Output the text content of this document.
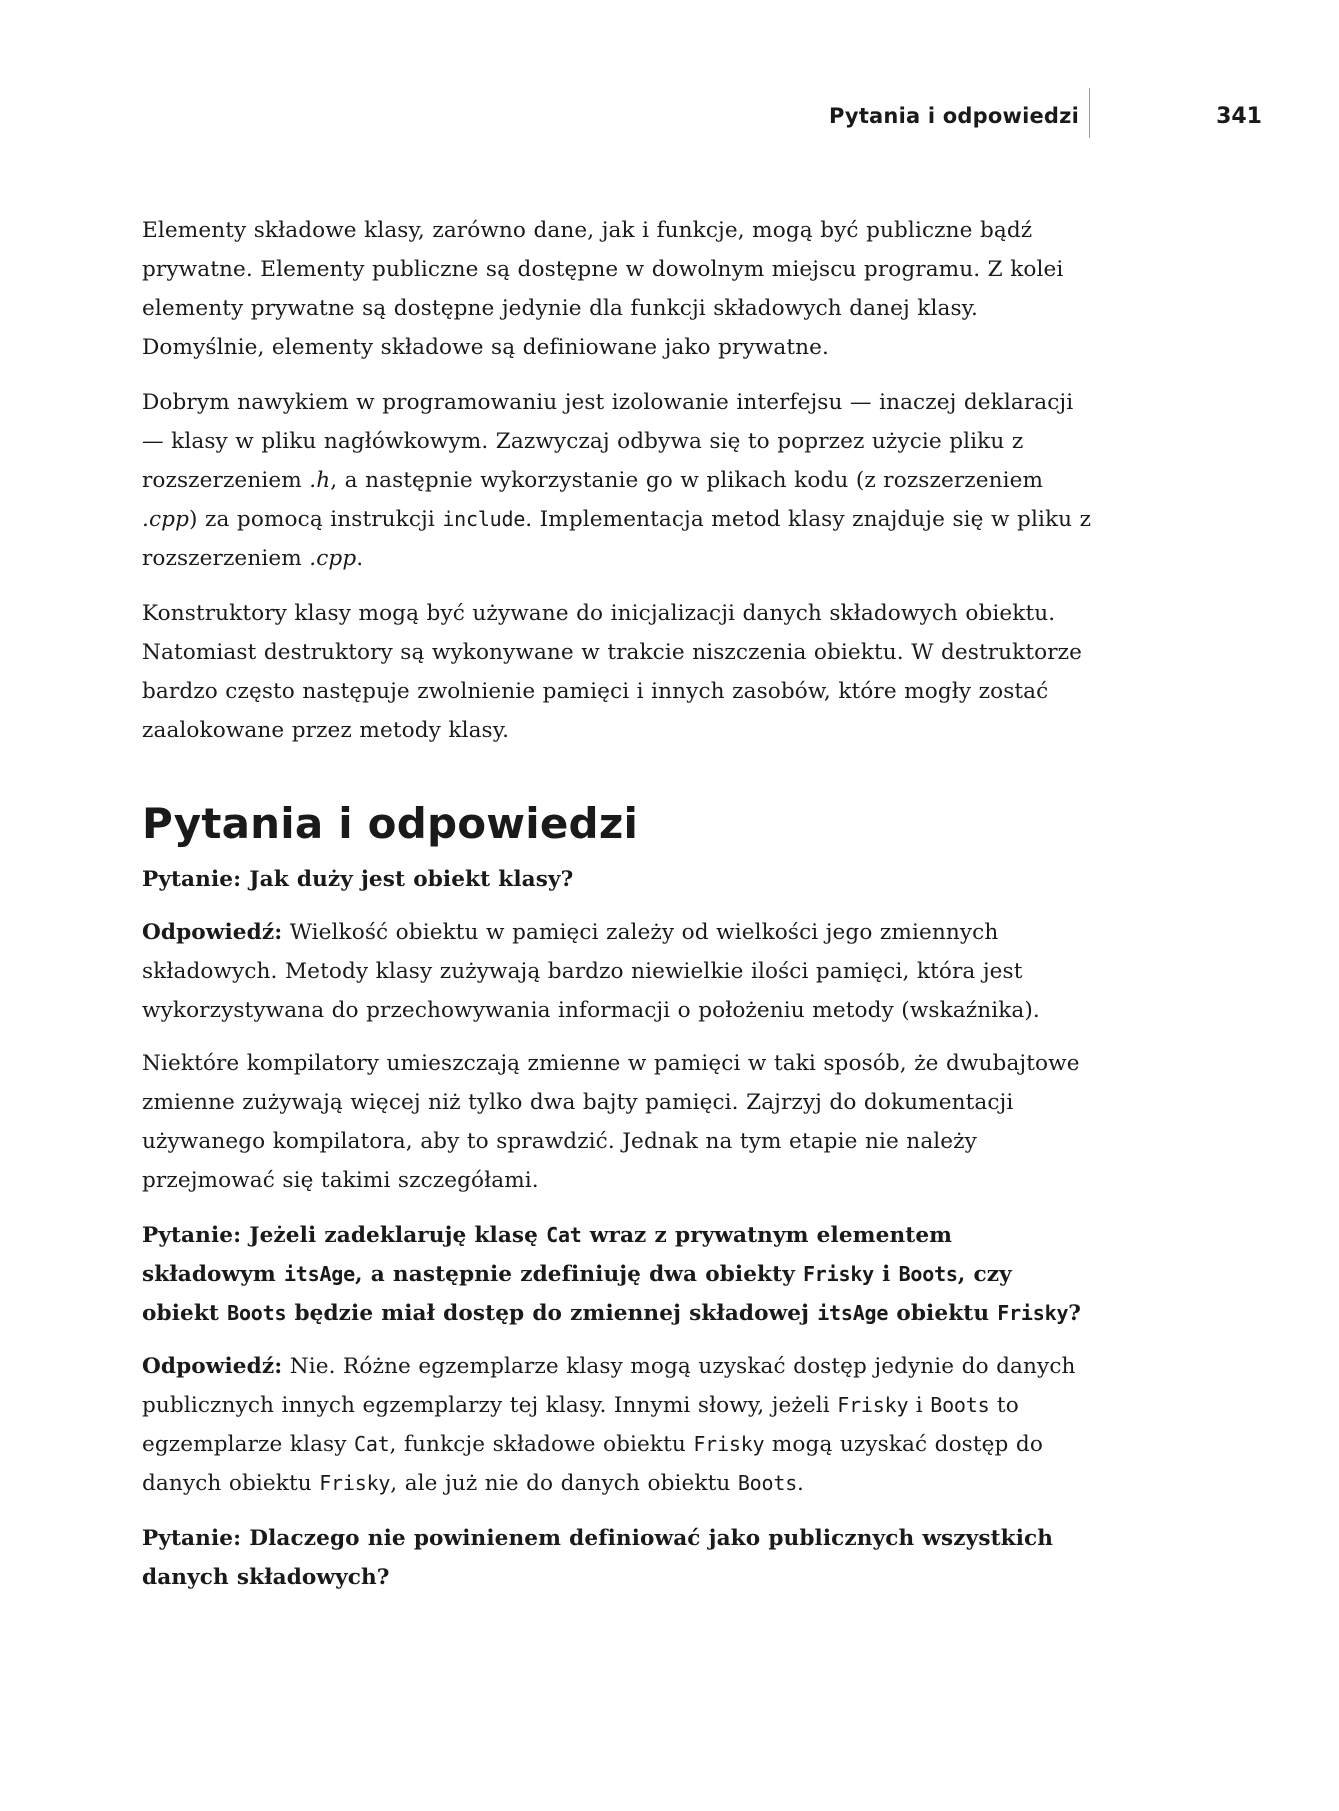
Pytania i odpowiedzi	341

Elementy składowe klasy, zarówno dane, jak i funkcje, mogą być publiczne bądź prywatne. Elementy publiczne są dostępne w dowolnym miejscu programu. Z kolei elementy prywatne są dostępne jedynie dla funkcji składowych danej klasy. Domyślnie, elementy składowe są definiowane jako prywatne.

Dobrym nawykiem w programowaniu jest izolowanie interfejsu — inaczej deklaracji — klasy w pliku nagłówkowym. Zazwyczaj odbywa się to poprzez użycie pliku z rozszerzeniem .h, a następnie wykorzystanie go w plikach kodu (z rozszerzeniem .cpp) za pomocą instrukcji include. Implementacja metod klasy znajduje się w pliku z rozszerzeniem .cpp.

Konstruktory klasy mogą być używane do inicjalizacji danych składowych obiektu. Natomiast destruktory są wykonywane w trakcie niszczenia obiektu. W destruktorze bardzo często następuje zwolnienie pamięci i innych zasobów, które mogły zostać zaalokowane przez metody klasy.

Pytania i odpowiedzi

Pytanie: Jak duży jest obiekt klasy?

Odpowiedź: Wielkość obiektu w pamięci zależy od wielkości jego zmiennych składowych. Metody klasy zużywają bardzo niewielkie ilości pamięci, która jest wykorzystywana do przechowywania informacji o położeniu metody (wskaźnika).

Niektóre kompilatory umieszczają zmienne w pamięci w taki sposób, że dwubajtowe zmienne zużywają więcej niż tylko dwa bajty pamięci. Zajrzyj do dokumentacji używanego kompilatora, aby to sprawdzić. Jednak na tym etapie nie należy przejmować się takimi szczegółami.

Pytanie: Jeżeli zadeklaruję klasę Cat wraz z prywatnym elementem składowym itsAge, a następnie zdefiniuję dwa obiekty Frisky i Boots, czy obiekt Boots będzie miał dostęp do zmiennej składowej itsAge obiektu Frisky?

Odpowiedź: Nie. Różne egzemplarze klasy mogą uzyskać dostęp jedynie do danych publicznych innych egzemplarzy tej klasy. Innymi słowy, jeżeli Frisky i Boots to egzemplarze klasy Cat, funkcje składowe obiektu Frisky mogą uzyskać dostęp do danych obiektu Frisky, ale już nie do danych obiektu Boots.

Pytanie: Dlaczego nie powinienem definiować jako publicznych wszystkich danych składowych?
